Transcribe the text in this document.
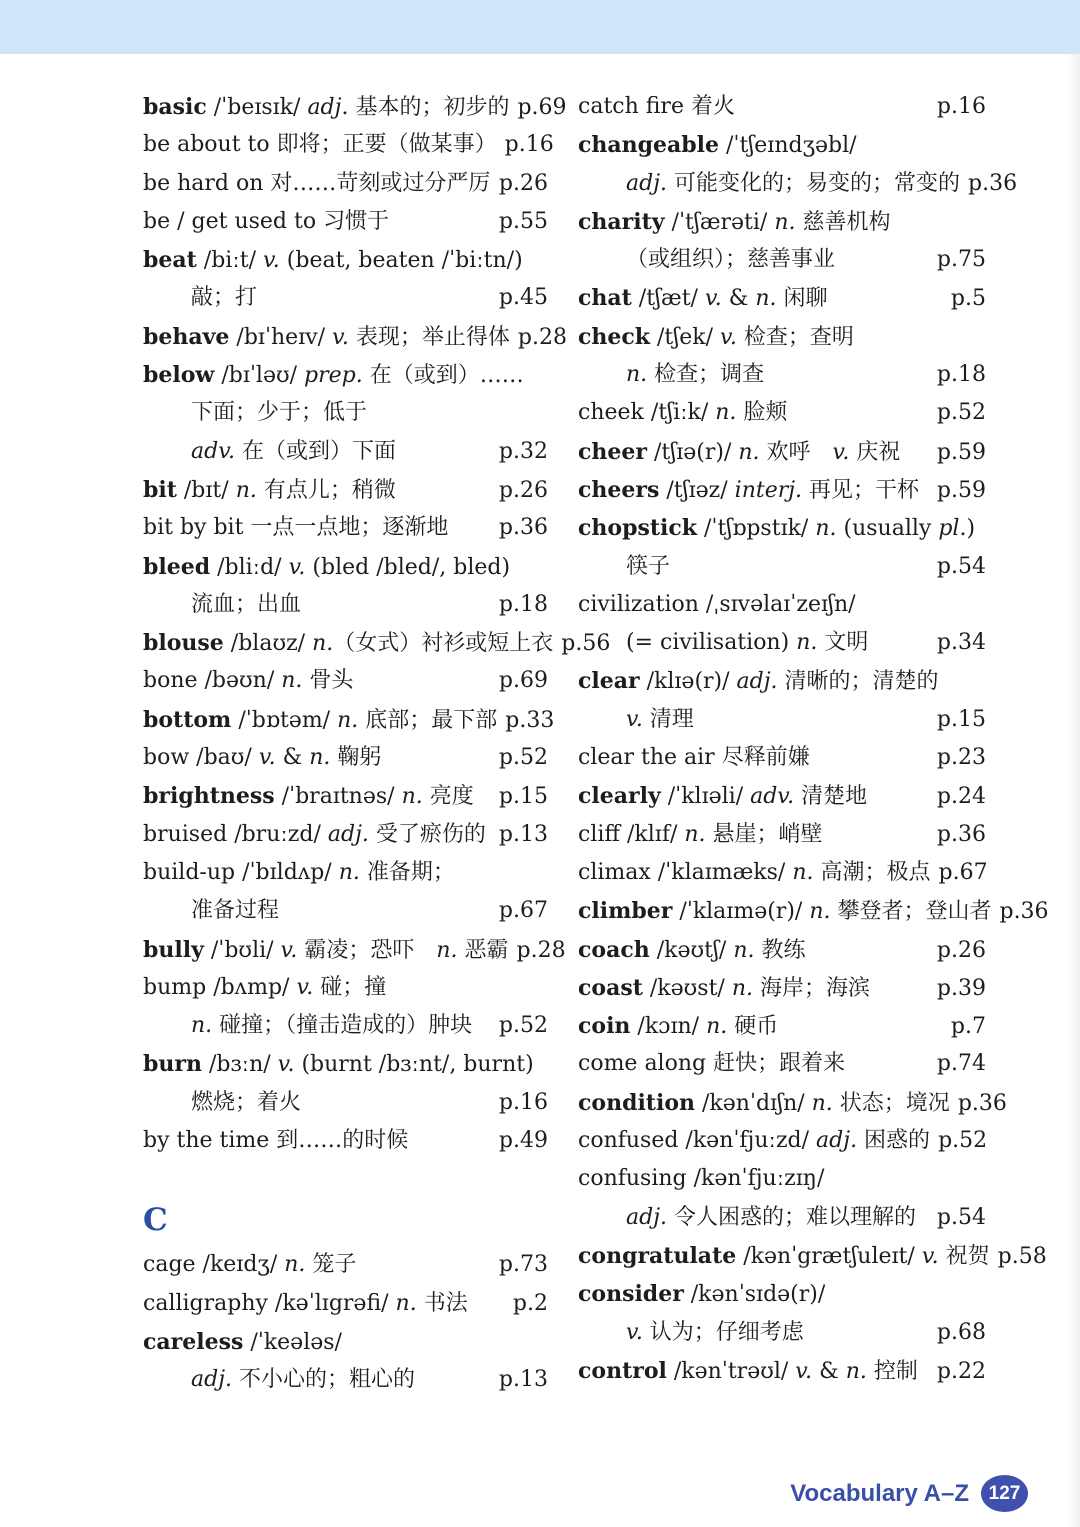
basic /ˈbeɪsɪk/ adj. 基本的；初步的 p.69
be about to 即将；正要（做某事） p.16
be hard on 对……苛刻或过分严厉 p.26
be / get used to 习惯于	p.55
beat /biːt/ v. (beat, beaten /ˈbiːtn/)
敲；打	p.45
behave /bɪˈheɪv/ v. 表现；举止得体 p.28
below /bɪˈləʊ/ prep. 在（或到）……
下面；少于；低于
adv. 在（或到）下面	p.32
bit /bɪt/ n. 有点儿；稍微	p.26
bit by bit 一点一点地；逐渐地	p.36
bleed /bliːd/ v. (bled /bled/, bled)
流血；出血	p.18
blouse /blaʊz/ n.（女式）衬衫或短上衣 p.56
bone /bəʊn/ n. 骨头	p.69
bottom /ˈbɒtəm/ n. 底部；最下部 p.33
bow /baʊ/ v. & n. 鞠躬	p.52
brightness /ˈbraɪtnəs/ n. 亮度	p.15
bruised /bruːzd/ adj. 受了瘀伤的 p.13
build-up /ˈbɪldʌp/ n. 准备期；
准备过程	p.67
bully /ˈbʊli/ v. 霸凌；恐吓　n. 恶霸 p.28
bump /bʌmp/ v. 碰；撞
n. 碰撞；（撞击造成的）肿块	p.52
burn /bɜːn/ v. (burnt /bɜːnt/, burnt)
燃烧；着火	p.16
by the time 到……的时候	p.49
C
cage /keɪdʒ/ n. 笼子	p.73
calligraphy /kəˈlɪgrəfi/ n. 书法	p.2
careless /ˈkeələs/
adj. 不小心的；粗心的	p.13
catch fire 着火	p.16
changeable /ˈtʃeɪndʒəbl/
adj. 可能变化的；易变的；常变的 p.36
charity /ˈtʃærəti/ n. 慈善机构
（或组织）；慈善事业	p.75
chat /tʃæt/ v. & n. 闲聊	p.5
check /tʃek/ v. 检查；查明
n. 检查；调查	p.18
cheek /tʃiːk/ n. 脸颊	p.52
cheer /tʃɪə(r)/ n. 欢呼　v. 庆祝	p.59
cheers /tʃɪəz/ interj. 再见；干杯 p.59
chopstick /ˈtʃɒpstɪk/ n. (usually pl.)
筷子	p.54
civilization /ˌsɪvəlaɪˈzeɪʃn/
(= civilisation) n. 文明	p.34
clear /klɪə(r)/ adj. 清晰的；清楚的
v. 清理	p.15
clear the air 尽释前嫌	p.23
clearly /ˈklɪəli/ adv. 清楚地	p.24
cliff /klɪf/ n. 悬崖；峭壁	p.36
climax /ˈklaɪmæks/ n. 高潮；极点 p.67
climber /ˈklaɪmə(r)/ n. 攀登者；登山者 p.36
coach /kəʊtʃ/ n. 教练	p.26
coast /kəʊst/ n. 海岸；海滨	p.39
coin /kɔɪn/ n. 硬币	p.7
come along 赶快；跟着来	p.74
condition /kənˈdɪʃn/ n. 状态；境况 p.36
confused /kənˈfjuːzd/ adj. 困惑的 p.52
confusing /kənˈfjuːzɪŋ/
adj. 令人困惑的；难以理解的 p.54
congratulate /kənˈgrætʃuleɪt/ v. 祝贺 p.58
consider /kənˈsɪdə(r)/
v. 认为；仔细考虑	p.68
control /kənˈtrəʊl/ v. & n. 控制 p.22
Vocabulary A–Z	127
